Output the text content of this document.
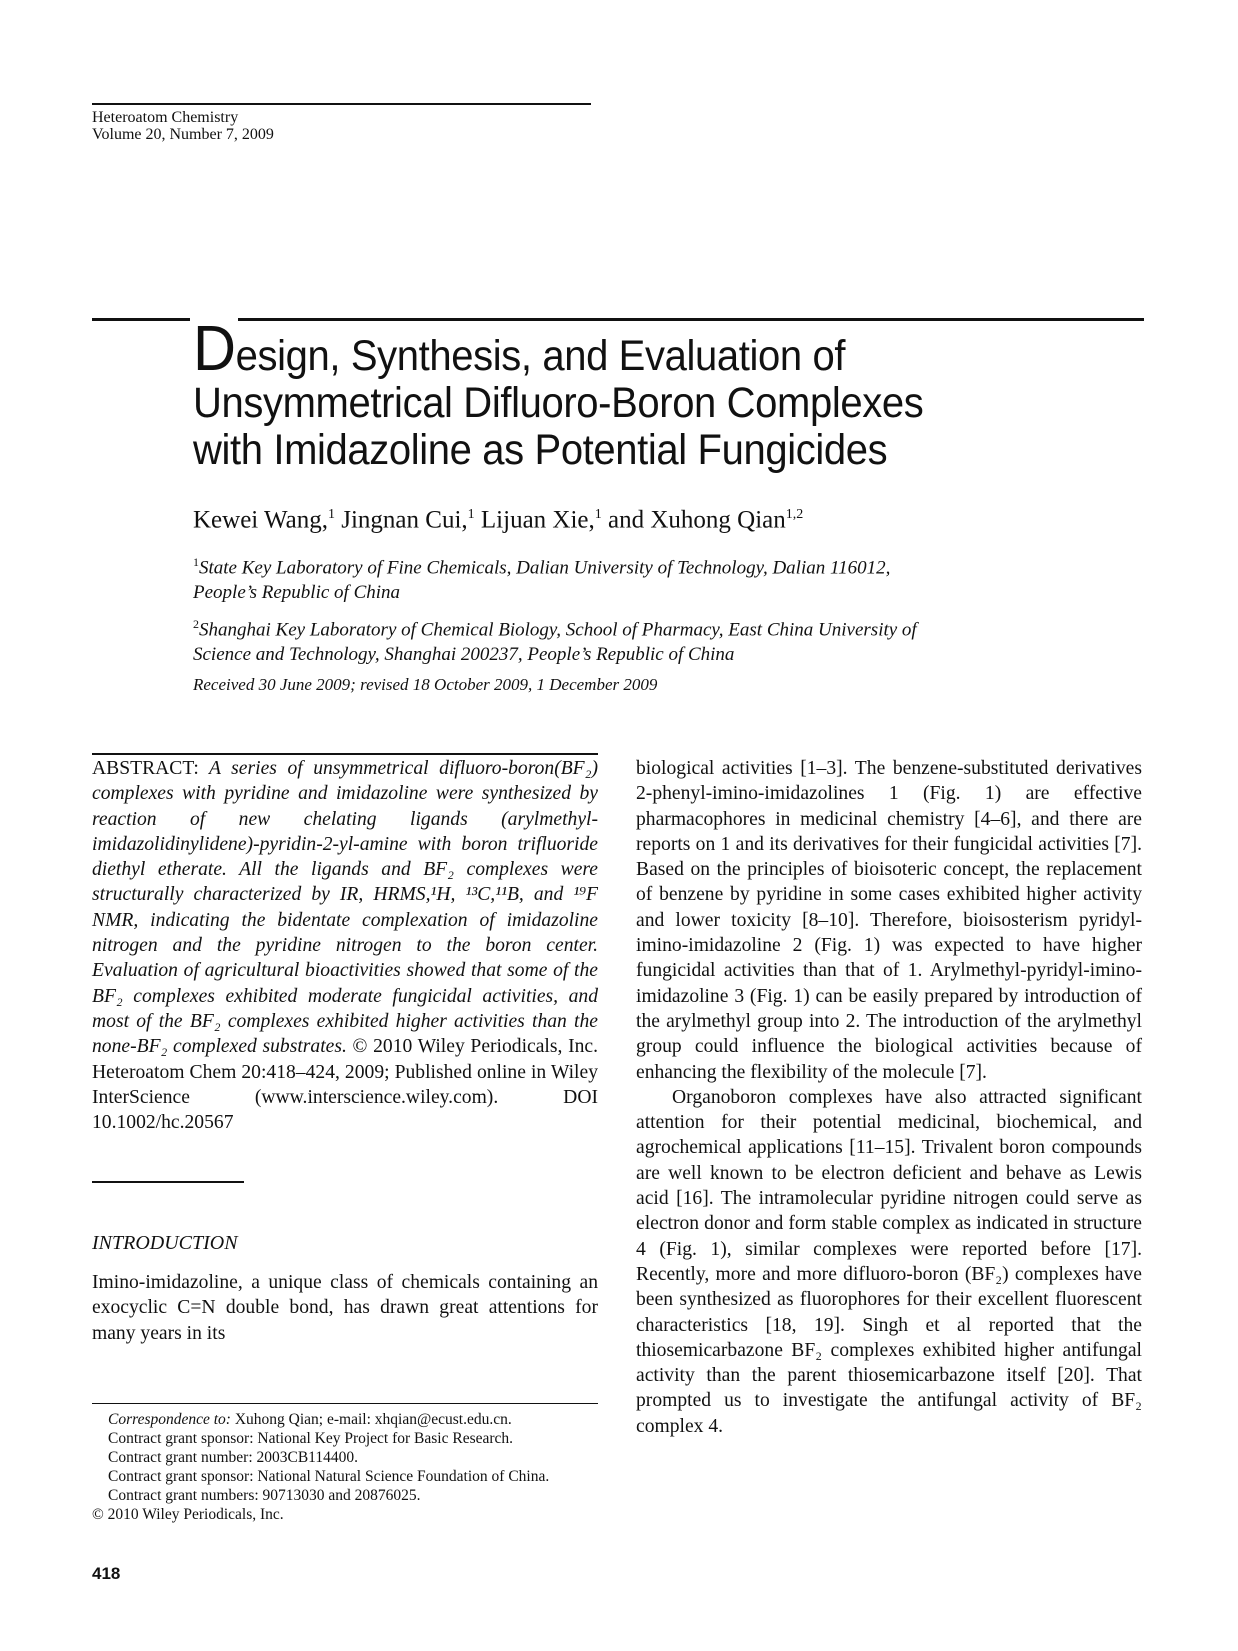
Heteroatom Chemistry
Volume 20, Number 7, 2009
Design, Synthesis, and Evaluation of
Unsymmetrical Difluoro-Boron Complexes
with Imidazoline as Potential Fungicides
Kewei Wang,$^1$ Jingnan Cui,$^1$ Lijuan Xie,$^1$ and Xuhong Qian$^{1,2}$
$^1$State Key Laboratory of Fine Chemicals, Dalian University of Technology, Dalian 116012,
People’s Republic of China
$^2$Shanghai Key Laboratory of Chemical Biology, School of Pharmacy, East China University of
Science and Technology, Shanghai 200237, People’s Republic of China
Received 30 June 2009; revised 18 October 2009, 1 December 2009

ABSTRACT: A series of unsymmetrical difluoro-boron(BF₂) complexes with pyridine and imidazoline were synthesized by reaction of new chelating ligands (arylmethyl-imidazolidinylidene)-pyridin-2-yl-amine with boron trifluoride diethyl etherate. All the ligands and BF₂ complexes were structurally characterized by IR, HRMS,¹H, ¹³C,¹¹B, and ¹⁹F NMR, indicating the bidentate complexation of imidazoline nitrogen and the pyridine nitrogen to the boron center. Evaluation of agricultural bioactivities showed that some of the BF₂ complexes exhibited moderate fungicidal activities, and most of the BF₂ complexes exhibited higher activities than the none-BF₂ complexed substrates. © 2010 Wiley Periodicals, Inc. Heteroatom Chem 20:418–424, 2009; Published online in Wiley InterScience (www.interscience.wiley.com). DOI 10.1002/hc.20567

INTRODUCTION

Imino-imidazoline, a unique class of chemicals containing an exocyclic C=N double bond, has drawn great attentions for many years in its

Correspondence to: Xuhong Qian; e-mail: xhqian@ecust.edu.cn.

Contract grant sponsor: National Key Project for Basic Research.

Contract grant number: 2003CB114400.

Contract grant sponsor: National Natural Science Foundation of China.

Contract grant numbers: 90713030 and 20876025.

© 2010 Wiley Periodicals, Inc.

418

biological activities [1–3]. The benzene-substituted derivatives 2-phenyl-imino-imidazolines 1 (Fig. 1) are effective pharmacophores in medicinal chemistry [4–6], and there are reports on 1 and its derivatives for their fungicidal activities [7]. Based on the principles of bioisoteric concept, the replacement of benzene by pyridine in some cases exhibited higher activity and lower toxicity [8–10]. Therefore, bioisosterism pyridyl-imino-imidazoline 2 (Fig. 1) was expected to have higher fungicidal activities than that of 1. Arylmethyl-pyridyl-imino-imidazoline 3 (Fig. 1) can be easily prepared by introduction of the arylmethyl group into 2. The introduction of the arylmethyl group could influence the biological activities because of enhancing the flexibility of the molecule [7].

Organoboron complexes have also attracted significant attention for their potential medicinal, biochemical, and agrochemical applications [11–15]. Trivalent boron compounds are well known to be electron deficient and behave as Lewis acid [16]. The intramolecular pyridine nitrogen could serve as electron donor and form stable complex as indicated in structure 4 (Fig. 1), similar complexes were reported before [17]. Recently, more and more difluoro-boron (BF₂) complexes have been synthesized as fluorophores for their excellent fluorescent characteristics [18, 19]. Singh et al reported that the thiosemicarbazone BF₂ complexes exhibited higher antifungal activity than the parent thiosemicarbazone itself [20]. That prompted us to investigate the antifungal activity of BF₂ complex 4.
